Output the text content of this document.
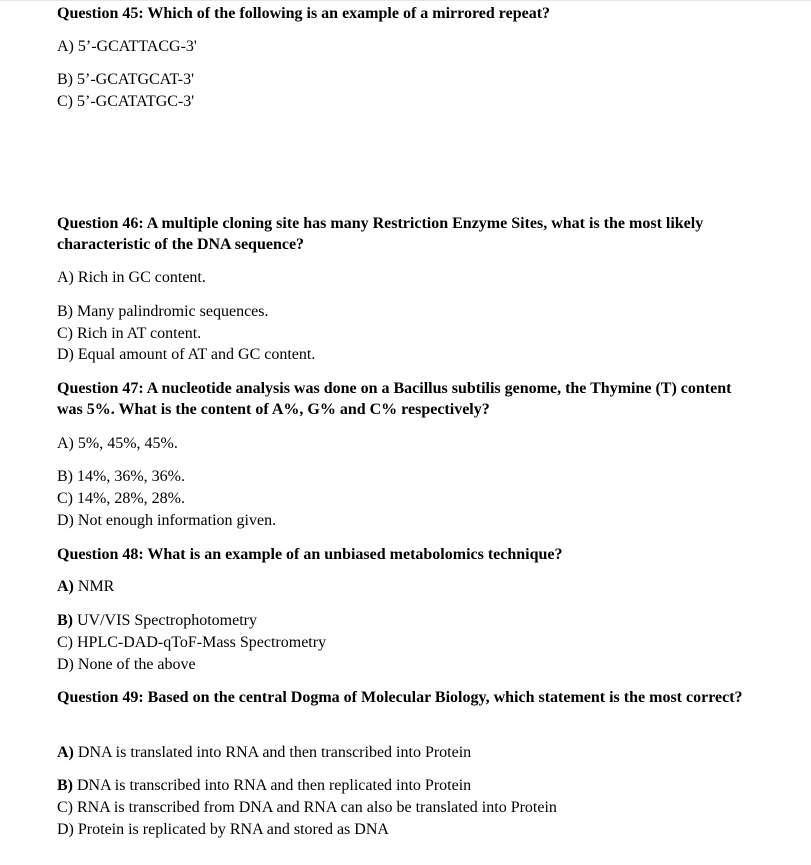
Question 45: Which of the following is an example of a mirrored repeat?

A) 5’-GCATTACG-3'
B) 5’-GCATGCAT-3'
C) 5’-GCATATGC-3'

Question 46: A multiple cloning site has many Restriction Enzyme Sites, what is the most likely characteristic of the DNA sequence?

A) Rich in GC content.
B) Many palindromic sequences.
C) Rich in AT content.
D) Equal amount of AT and GC content.

Question 47: A nucleotide analysis was done on a Bacillus subtilis genome, the Thymine (T) content was 5%. What is the content of A%, G% and C% respectively?

A) 5%, 45%, 45%.
B) 14%, 36%, 36%.
C) 14%, 28%, 28%.
D) Not enough information given.

Question 48: What is an example of an unbiased metabolomics technique?

A) NMR
B) UV/VIS Spectrophotometry
C) HPLC-DAD-qToF-Mass Spectrometry
D) None of the above

Question 49: Based on the central Dogma of Molecular Biology, which statement is the most correct?

A) DNA is translated into RNA and then transcribed into Protein
B) DNA is transcribed into RNA and then replicated into Protein
C) RNA is transcribed from DNA and RNA can also be translated into Protein
D) Protein is replicated by RNA and stored as DNA
